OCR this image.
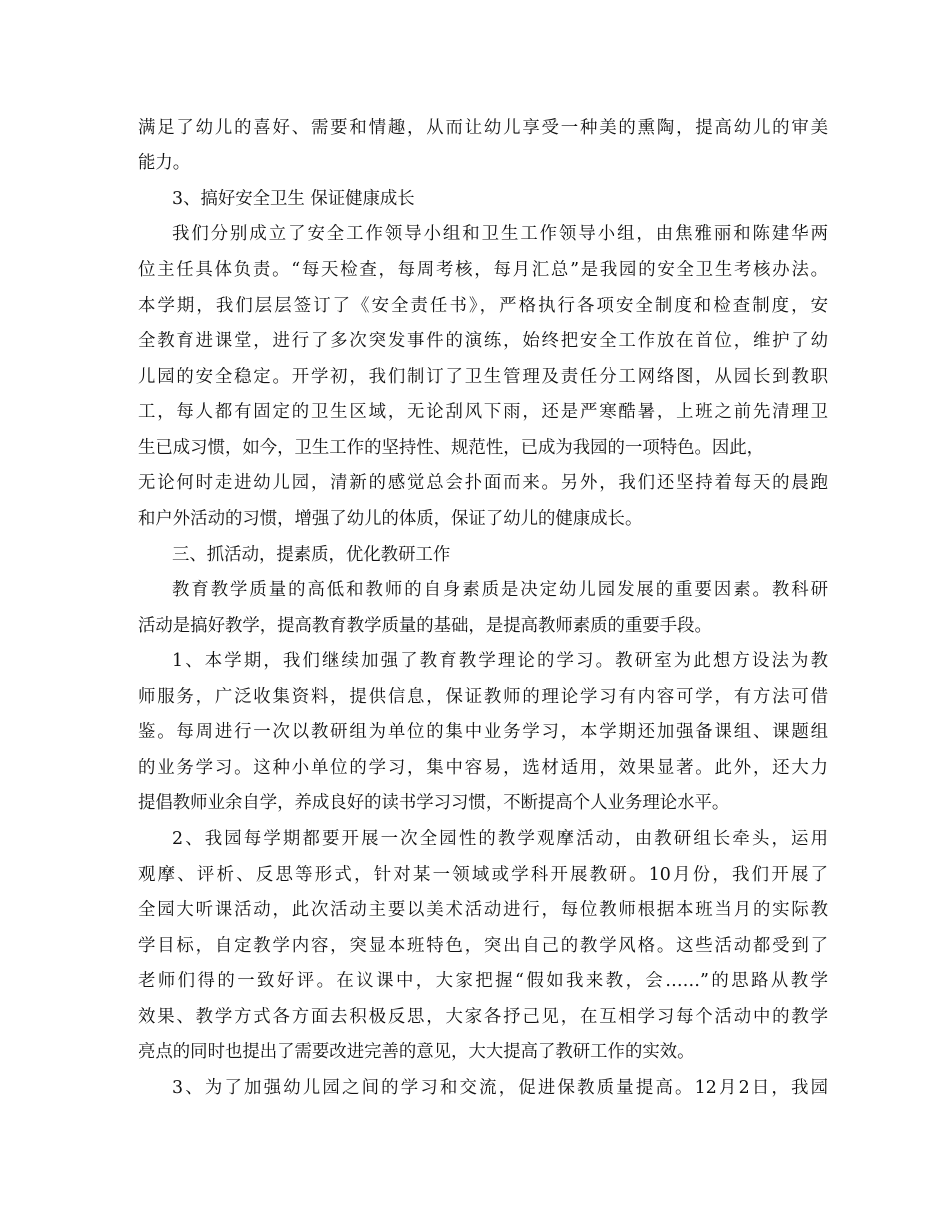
满足了幼儿的喜好、需要和情趣，从而让幼儿享受一种美的熏陶，提高幼儿的审美
能力。
3、搞好安全卫生 保证健康成长
我们分别成立了安全工作领导小组和卫生工作领导小组，由焦雅丽和陈建华两
位主任具体负责。“每天检查，每周考核，每月汇总”是我园的安全卫生考核办法。
本学期，我们层层签订了《安全责任书》，严格执行各项安全制度和检查制度，安
全教育进课堂，进行了多次突发事件的演练，始终把安全工作放在首位，维护了幼
儿园的安全稳定。开学初，我们制订了卫生管理及责任分工网络图，从园长到教职
工，每人都有固定的卫生区域，无论刮风下雨，还是严寒酷暑，上班之前先清理卫
生已成习惯，如今，卫生工作的坚持性、规范性，已成为我园的一项特色。因此，
无论何时走进幼儿园，清新的感觉总会扑面而来。另外，我们还坚持着每天的晨跑
和户外活动的习惯，增强了幼儿的体质，保证了幼儿的健康成长。
三、抓活动，提素质，优化教研工作
教育教学质量的高低和教师的自身素质是决定幼儿园发展的重要因素。教科研
活动是搞好教学，提高教育教学质量的基础，是提高教师素质的重要手段。
1、本学期，我们继续加强了教育教学理论的学习。教研室为此想方设法为教
师服务，广泛收集资料，提供信息，保证教师的理论学习有内容可学，有方法可借
鉴。每周进行一次以教研组为单位的集中业务学习，本学期还加强备课组、课题组
的业务学习。这种小单位的学习，集中容易，选材适用，效果显著。此外，还大力
提倡教师业余自学，养成良好的读书学习习惯，不断提高个人业务理论水平。
2、我园每学期都要开展一次全园性的教学观摩活动，由教研组长牵头，运用
观摩、评析、反思等形式，针对某一领域或学科开展教研。10月份，我们开展了
全园大听课活动，此次活动主要以美术活动进行，每位教师根据本班当月的实际教
学目标，自定教学内容，突显本班特色，突出自己的教学风格。这些活动都受到了
老师们得的一致好评。在议课中，大家把握“假如我来教，会……”的思路从教学
效果、教学方式各方面去积极反思，大家各抒己见，在互相学习每个活动中的教学
亮点的同时也提出了需要改进完善的意见，大大提高了教研工作的实效。
3、为了加强幼儿园之间的学习和交流，促进保教质量提高。12月2日，我园
